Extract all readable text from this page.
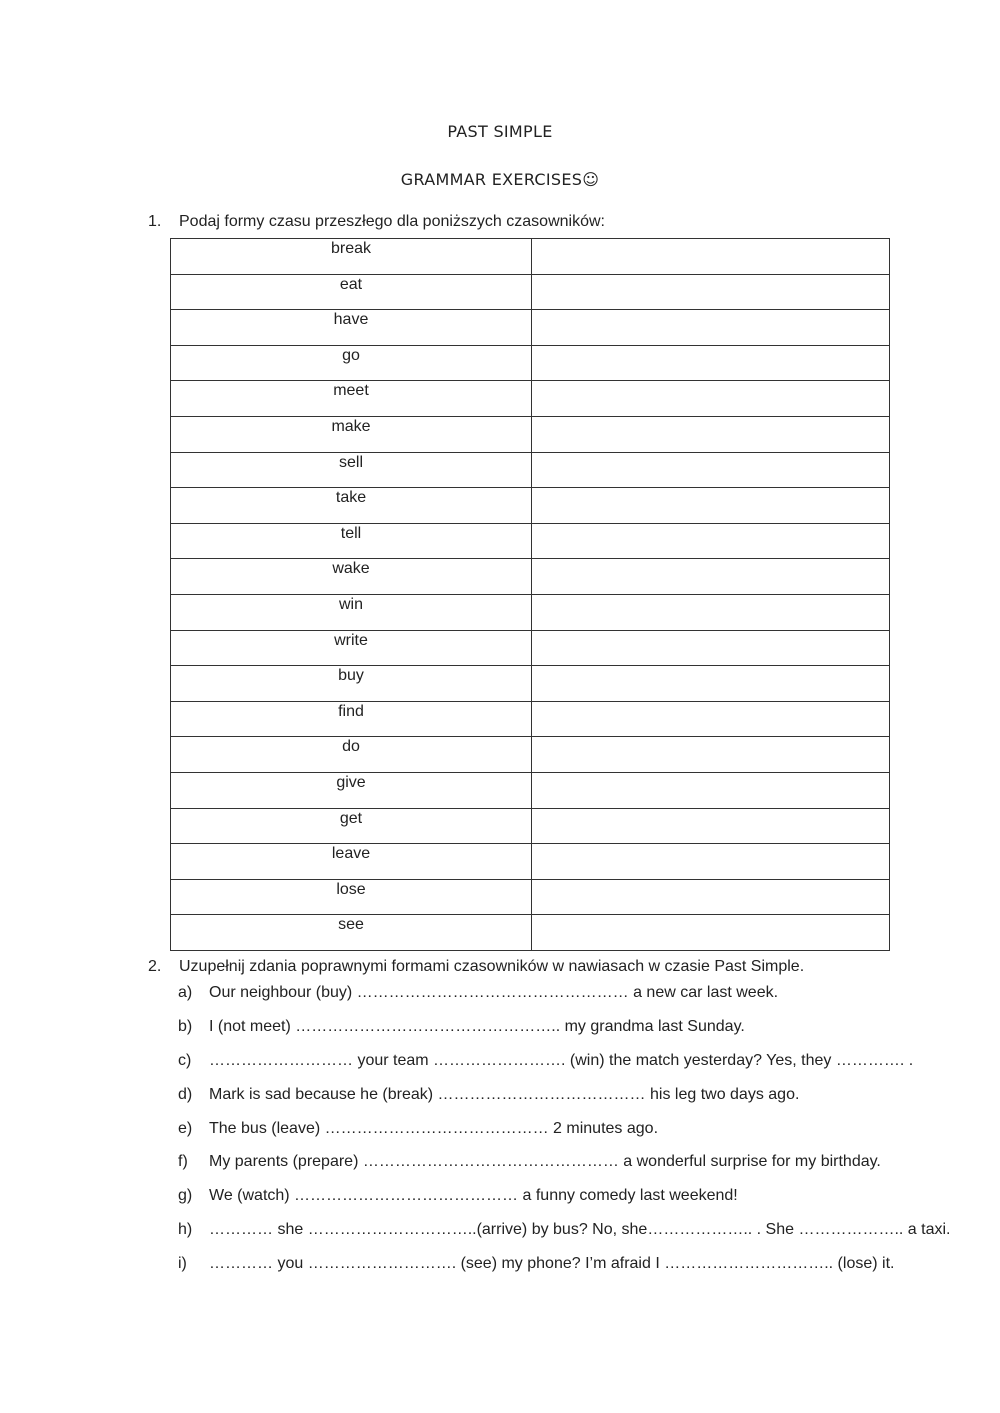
PAST SIMPLE
GRAMMAR EXERCISES☺
1.	Podaj formy czasu przeszłego dla poniższych czasowników:
break	
eat	
have	
go	
meet	
make	
sell	
take	
tell	
wake	
win	
write	
buy	
find	
do	
give	
get	
leave	
lose	
see	
2.	Uzupełnij zdania poprawnymi formami czasowników w nawiasach w czasie Past Simple.
a)	Our neighbour (buy) …………………………………………… a new car last week.
b)	I (not meet) ………………………………………….. my grandma last Sunday.
c)	……………………… your team ……………………. (win) the match yesterday? Yes, they …………. .
d)	Mark is sad because he (break) ………………………………… his leg two days ago.
e)	The bus (leave) …………………………………… 2 minutes ago.
f)	My parents (prepare) ………………………………………… a wonderful surprise for my birthday.
g)	We (watch) …………………………………… a funny comedy last weekend!
h)	………… she …………………………..(arrive) by bus? No, she……………….. . She ……………….. a taxi.
i)	………… you ………………………. (see) my phone? I’m afraid I ………………………….. (lose) it.
